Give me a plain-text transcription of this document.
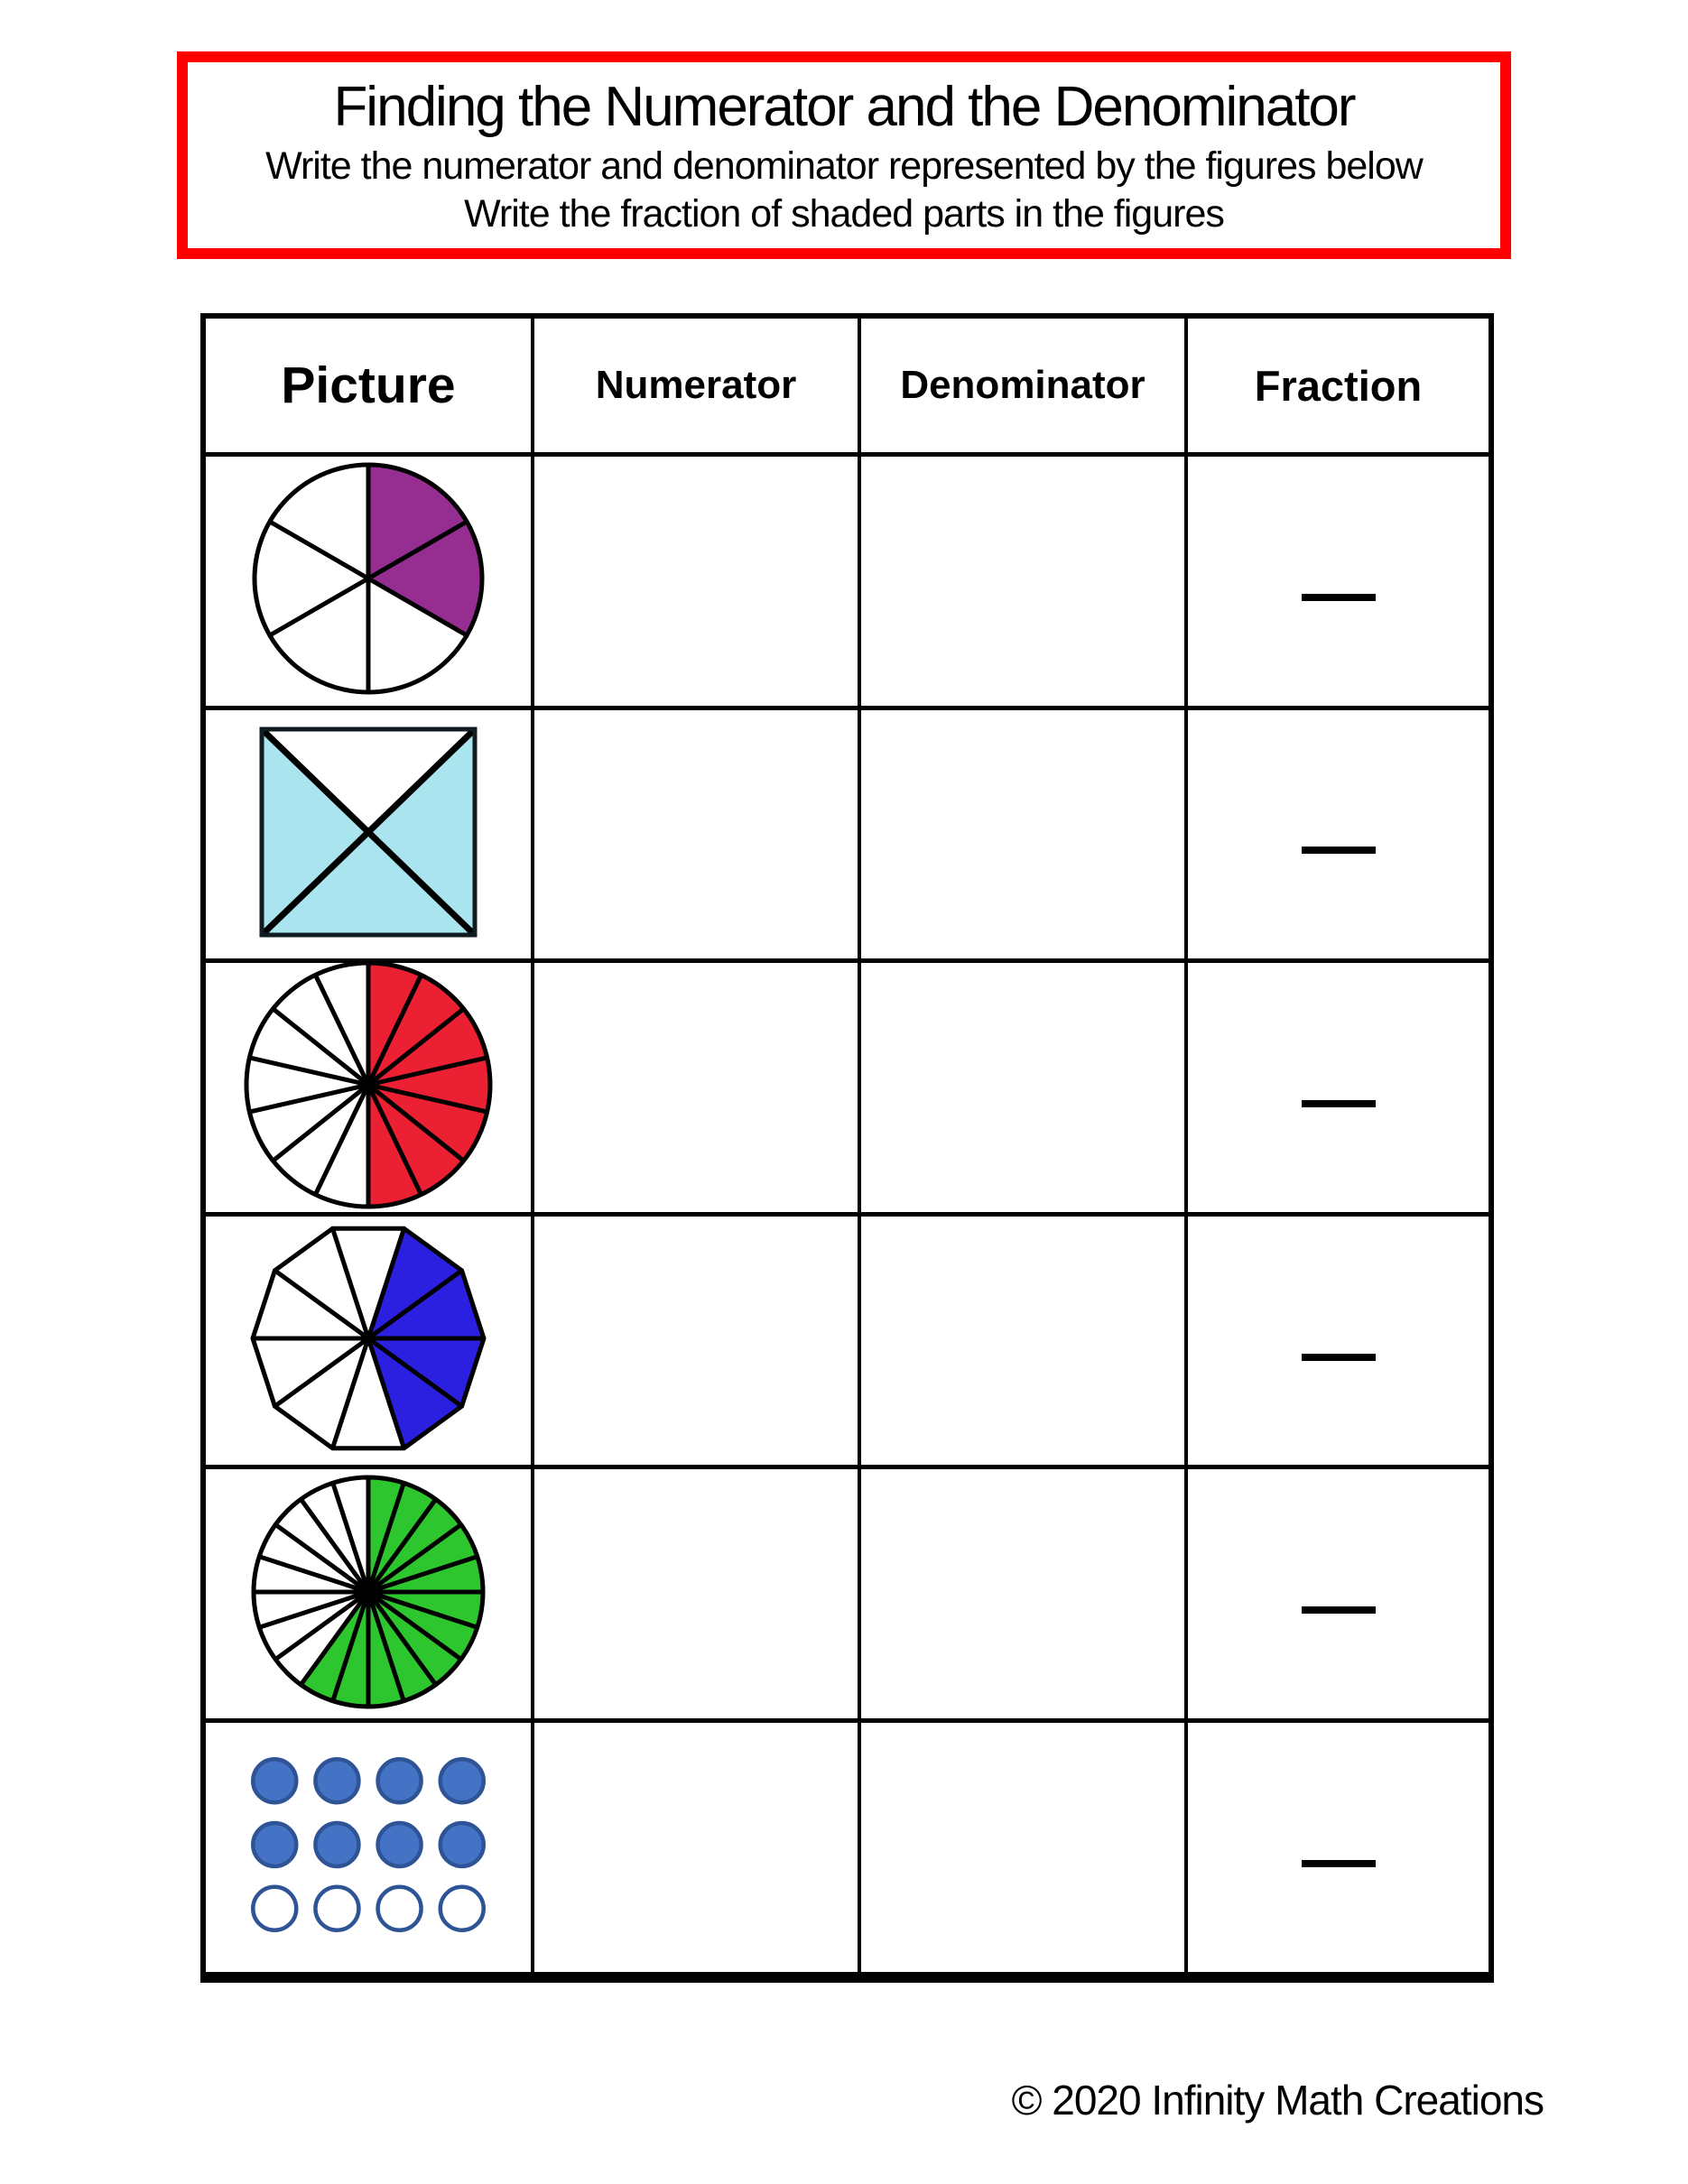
Finding the Numerator and the Denominator
Write the numerator and denominator represented by the figures below
Write the fraction of shaded parts in the figures
Picture	Numerator	Denominator	Fraction
© 2020 Infinity Math Creations
